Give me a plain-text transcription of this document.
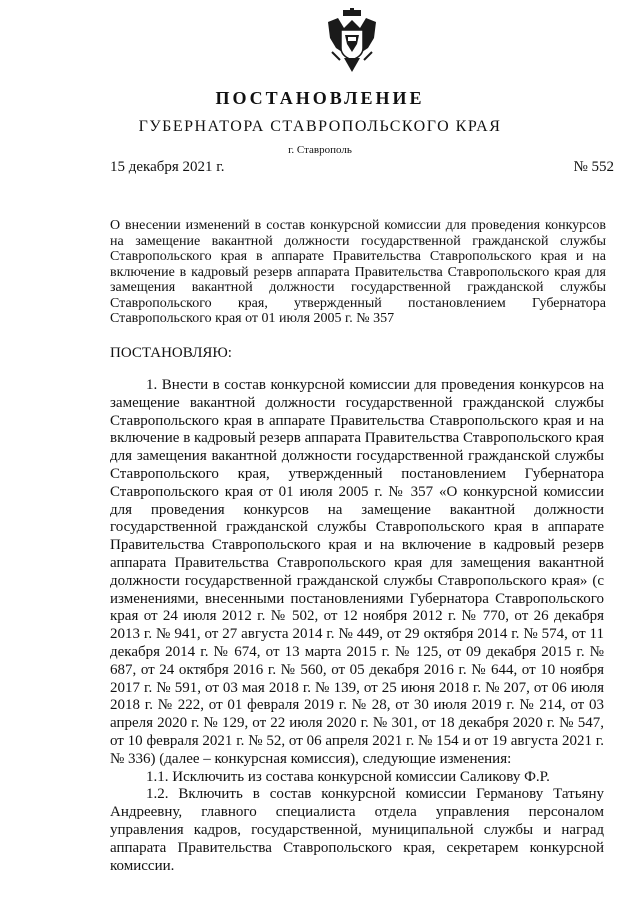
ПОСТАНОВЛЕНИЕ
ГУБЕРНАТОРА СТАВРОПОЛЬСКОГО КРАЯ
г. Ставрополь
15 декабря 2021 г.	№ 552
О внесении изменений в состав конкурсной комиссии для проведения конкурсов на замещение вакантной должности государственной гражданской службы Ставропольского края в аппарате Правительства Ставропольского края и на включение в кадровый резерв аппарата Правительства Ставропольского края для замещения вакантной должности государственной гражданской службы Ставропольского края, утвержденный постановлением Губернатора Ставропольского края от 01 июля 2005 г. № 357
ПОСТАНОВЛЯЮ:

1. Внести в состав конкурсной комиссии для проведения конкурсов на замещение вакантной должности государственной гражданской службы Ставропольского края в аппарате Правительства Ставропольского края и на включение в кадровый резерв аппарата Правительства Ставропольского края для замещения вакантной должности государственной гражданской службы Ставропольского края, утвержденный постановлением Губернатора Ставропольского края от 01 июля 2005 г. № 357 «О конкурсной комиссии для проведения конкурсов на замещение вакантной должности государственной гражданской службы Ставропольского края в аппарате Правительства Ставропольского края и на включение в кадровый резерв аппарата Правительства Ставропольского края для замещения вакантной должности государственной гражданской службы Ставропольского края» (с изменениями, внесенными постановлениями Губернатора Ставропольского края от 24 июля 2012 г. № 502, от 12 ноября 2012 г. № 770, от 26 декабря 2013 г. № 941, от 27 августа 2014 г. № 449, от 29 октября 2014 г. № 574, от 11 декабря 2014 г. № 674, от 13 марта 2015 г. № 125, от 09 декабря 2015 г. № 687, от 24 октября 2016 г. № 560, от 05 декабря 2016 г. № 644, от 10 ноября 2017 г. № 591, от 03 мая 2018 г. № 139, от 25 июня 2018 г. № 207, от 06 июля 2018 г. № 222, от 01 февраля 2019 г. № 28, от 30 июля 2019 г. № 214, от 03 апреля 2020 г. № 129, от 22 июля 2020 г. № 301, от 18 декабря 2020 г. № 547, от 10 февраля 2021 г. № 52, от 06 апреля 2021 г. № 154 и от 19 августа 2021 г. № 336) (далее – конкурсная комиссия), следующие изменения:

1.1. Исключить из состава конкурсной комиссии Саликову Ф.Р.

1.2. Включить в состав конкурсной комиссии Германову Татьяну Андреевну, главного специалиста отдела управления персоналом управления кадров, государственной, муниципальной службы и наград аппарата Правительства Ставропольского края, секретарем конкурсной комиссии.
